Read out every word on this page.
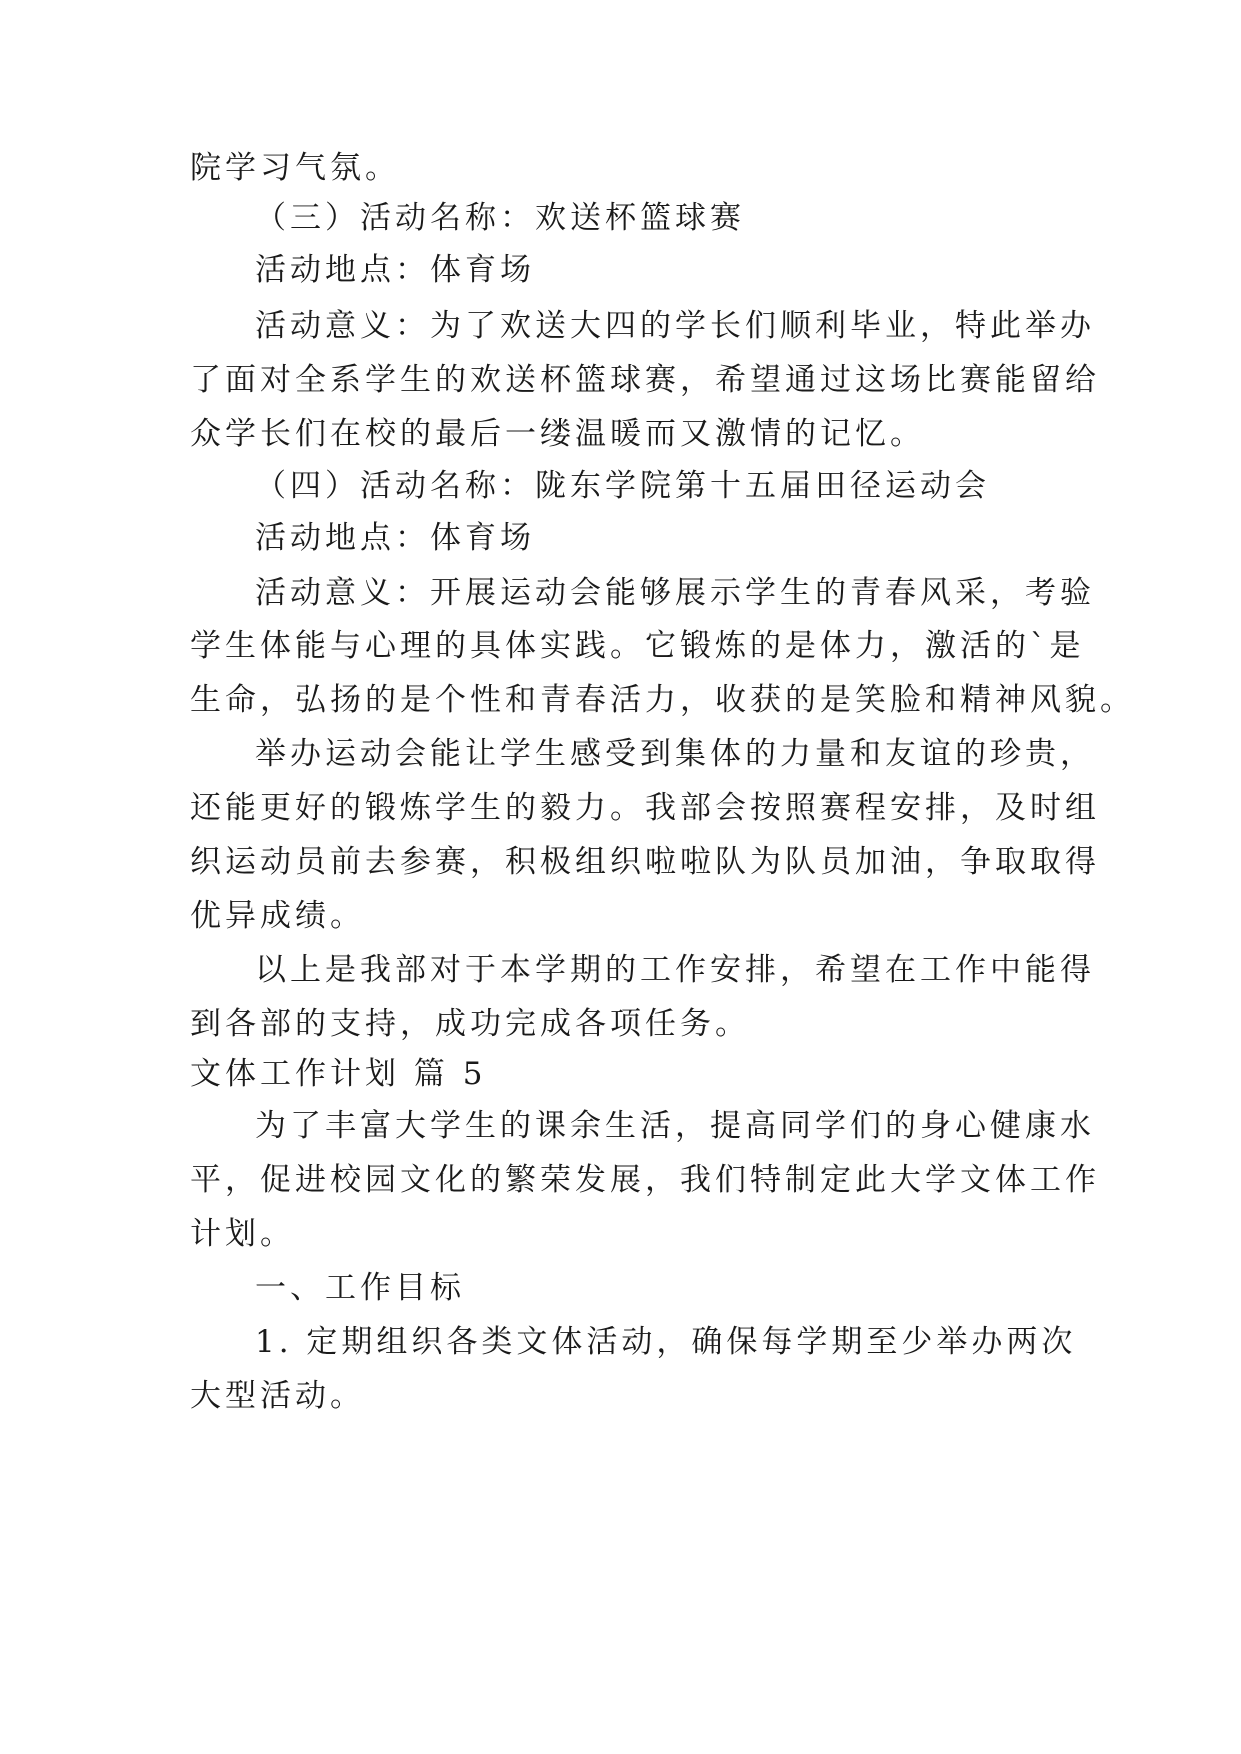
院学习气氛。
（三）活动名称：欢送杯篮球赛
活动地点：体育场
活动意义：为了欢送大四的学长们顺利毕业，特此举办
了面对全系学生的欢送杯篮球赛，希望通过这场比赛能留给
众学长们在校的最后一缕温暖而又激情的记忆。
（四）活动名称：陇东学院第十五届田径运动会
活动地点：体育场
活动意义：开展运动会能够展示学生的青春风采，考验
学生体能与心理的具体实践。它锻炼的是体力，激活的`是
生命，弘扬的是个性和青春活力，收获的是笑脸和精神风貌。
举办运动会能让学生感受到集体的力量和友谊的珍贵，
还能更好的锻炼学生的毅力。我部会按照赛程安排，及时组
织运动员前去参赛，积极组织啦啦队为队员加油，争取取得
优异成绩。
以上是我部对于本学期的工作安排，希望在工作中能得
到各部的支持，成功完成各项任务。
文体工作计划 篇 5
为了丰富大学生的课余生活，提高同学们的身心健康水
平，促进校园文化的繁荣发展，我们特制定此大学文体工作
计划。
一、工作目标
1. 定期组织各类文体活动，确保每学期至少举办两次
大型活动。
